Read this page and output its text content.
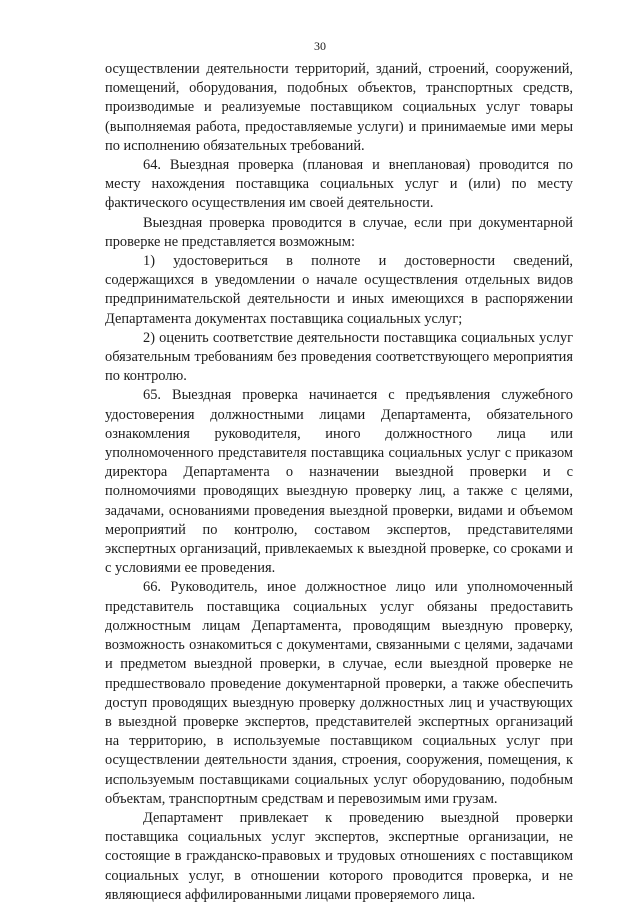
30

осуществлении деятельности территорий, зданий, строений, сооружений, помещений, оборудования, подобных объектов, транспортных средств, производимые и реализуемые поставщиком социальных услуг товары (выполняемая работа, предоставляемые услуги) и принимаемые ими меры по исполнению обязательных требований.

64. Выездная проверка (плановая и внеплановая) проводится по месту нахождения поставщика социальных услуг и (или) по месту фактического осуществления им своей деятельности.

Выездная проверка проводится в случае, если при документарной проверке не представляется возможным:

1) удостовериться в полноте и достоверности сведений, содержащихся в уведомлении о начале осуществления отдельных видов предпринимательской деятельности и иных имеющихся в распоряжении Департамента документах поставщика социальных услуг;

2) оценить соответствие деятельности поставщика социальных услуг обязательным требованиям без проведения соответствующего мероприятия по контролю.

65. Выездная проверка начинается с предъявления служебного удостоверения должностными лицами Департамента, обязательного ознакомления руководителя, иного должностного лица или уполномоченного представителя поставщика социальных услуг с приказом директора Департамента о назначении выездной проверки и с полномочиями проводящих выездную проверку лиц, а также с целями, задачами, основаниями проведения выездной проверки, видами и объемом мероприятий по контролю, составом экспертов, представителями экспертных организаций, привлекаемых к выездной проверке, со сроками и с условиями ее проведения.

66. Руководитель, иное должностное лицо или уполномоченный представитель поставщика социальных услуг обязаны предоставить должностным лицам Департамента, проводящим выездную проверку, возможность ознакомиться с документами, связанными с целями, задачами и предметом выездной проверки, в случае, если выездной проверке не предшествовало проведение документарной проверки, а также обеспечить доступ проводящих выездную проверку должностных лиц и участвующих в выездной проверке экспертов, представителей экспертных организаций на территорию, в используемые поставщиком социальных услуг при осуществлении деятельности здания, строения, сооружения, помещения, к используемым поставщиками социальных услуг оборудованию, подобным объектам, транспортным средствам и перевозимым ими грузам.

Департамент привлекает к проведению выездной проверки поставщика социальных услуг экспертов, экспертные организации, не состоящие в гражданско-правовых и трудовых отношениях с поставщиком социальных услуг, в отношении которого проводится проверка, и не являющиеся аффилированными лицами проверяемого лица.
